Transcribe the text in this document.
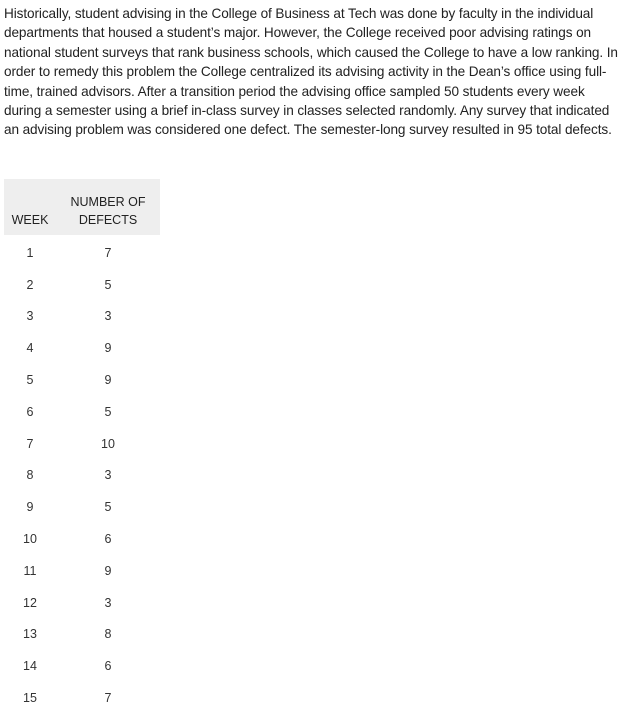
Historically, student advising in the College of Business at Tech was done by faculty in the individual departments that housed a student’s major. However, the College received poor advising ratings on national student surveys that rank business schools, which caused the College to have a low ranking. In order to remedy this problem the College centralized its advising activity in the Dean’s office using full-time, trained advisors. After a transition period the advising office sampled 50 students every week during a semester using a brief in-class survey in classes selected randomly. Any survey that indicated an advising problem was considered one defect. The semester-long survey resulted in 95 total defects.

WEEK	NUMBER OF
DEFECTS
1	7
2	5
3	3
4	9
5	9
6	5
7	10
8	3
9	5
10	6
11	9
12	3
13	8
14	6
15	7
